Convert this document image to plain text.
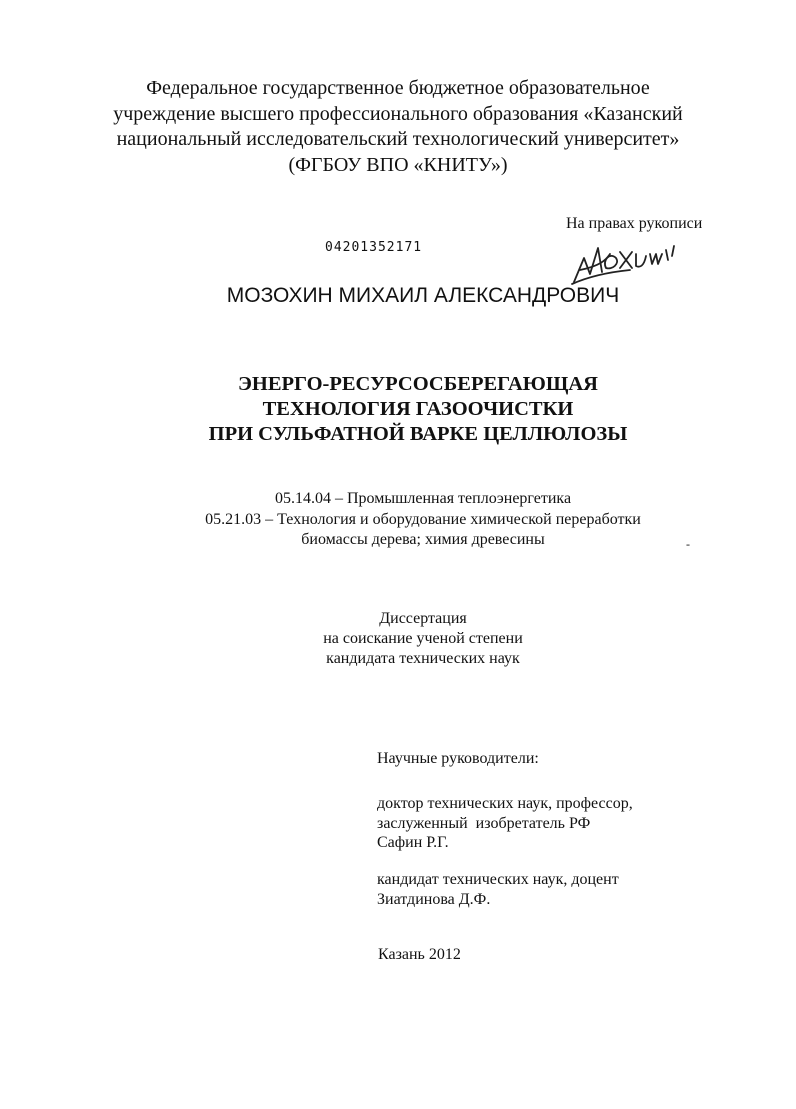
Федеральное государственное бюджетное образовательное
учреждение высшего профессионального образования «Казанский
национальный исследовательский технологический университет»
(ФГБОУ ВПО «КНИТУ»)
На правах рукописи
04201352171
МОЗОХИН МИХАИЛ АЛЕКСАНДРОВИЧ
ЭНЕРГО-РЕСУРСОСБЕРЕГАЮЩАЯ
ТЕХНОЛОГИЯ ГАЗООЧИСТКИ
ПРИ СУЛЬФАТНОЙ ВАРКЕ ЦЕЛЛЮЛОЗЫ
05.14.04 – Промышленная теплоэнергетика
05.21.03 – Технология и оборудование химической переработки
биомассы дерева; химия древесины	-
Диссертация
на соискание ученой степени
кандидата технических наук
Научные руководители:
доктор технических наук, профессор,
заслуженный  изобретатель РФ
Сафин Р.Г.
кандидат технических наук, доцент
Зиатдинова Д.Ф.
Казань 2012
